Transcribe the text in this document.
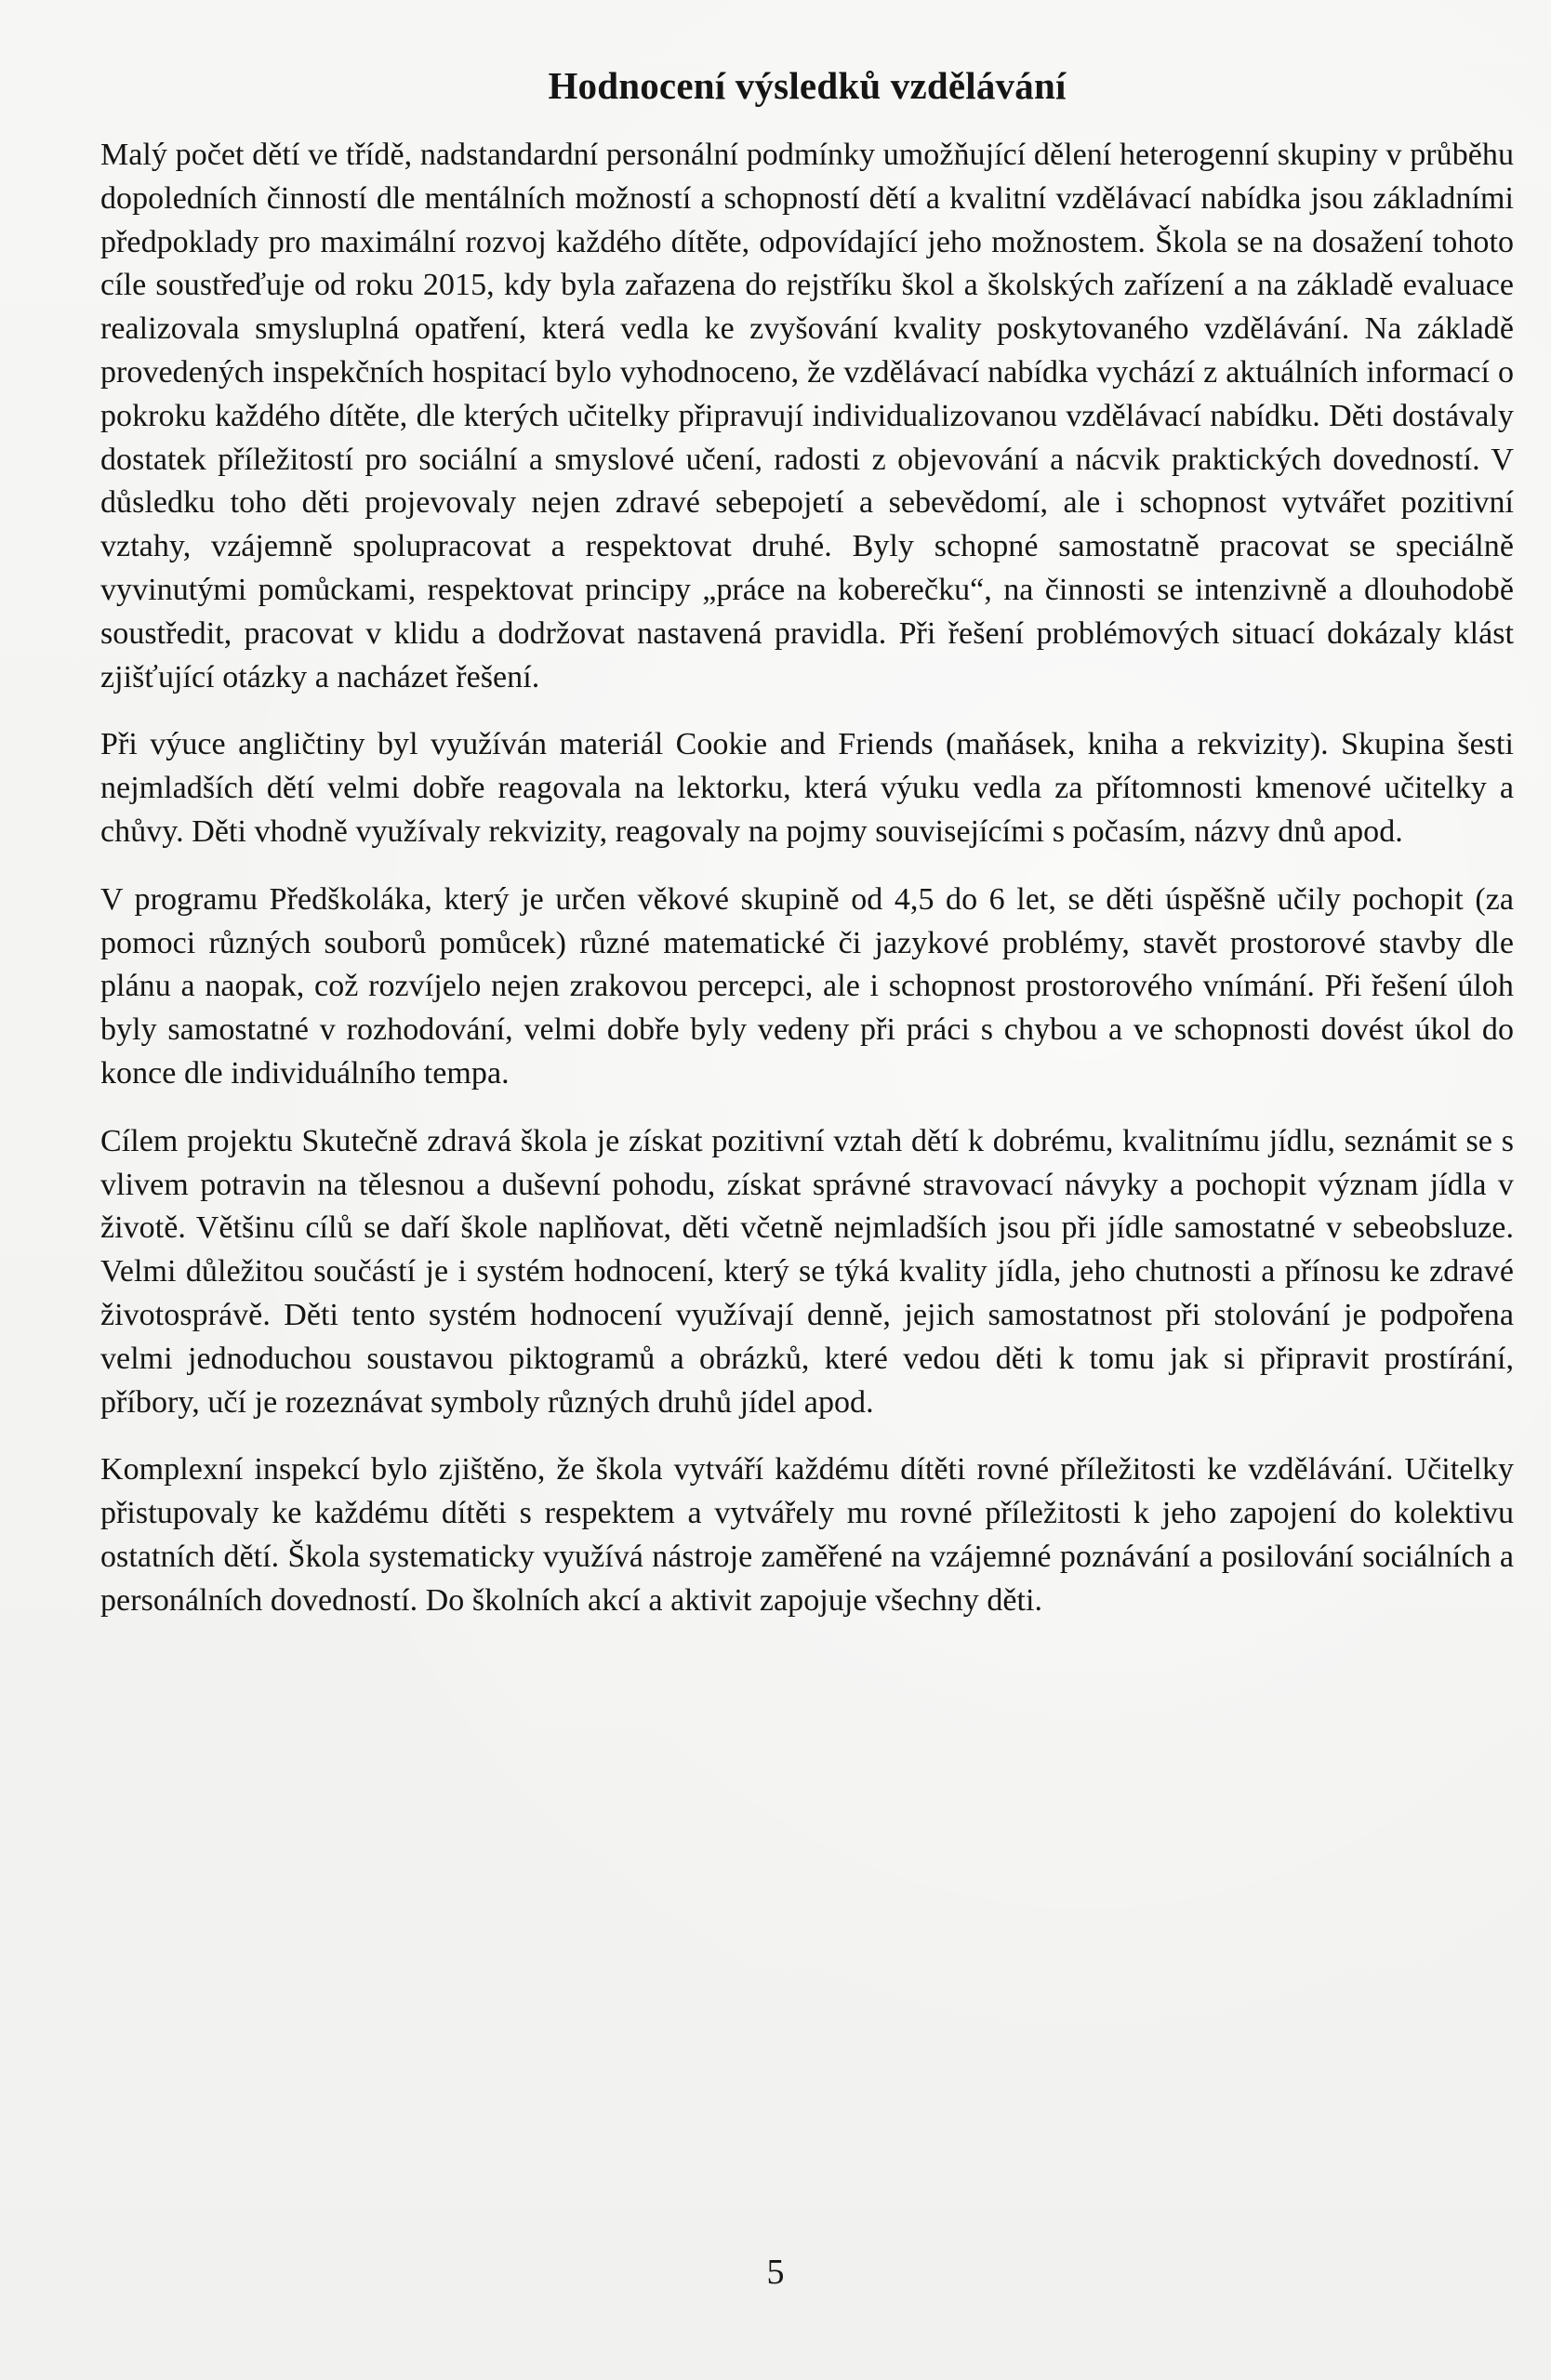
Hodnocení výsledků vzdělávání

Malý počet dětí ve třídě, nadstandardní personální podmínky umožňující dělení heterogenní skupiny v průběhu dopoledních činností dle mentálních možností a schopností dětí a kvalitní vzdělávací nabídka jsou základními předpoklady pro maximální rozvoj každého dítěte, odpovídající jeho možnostem. Škola se na dosažení tohoto cíle soustřeďuje od roku 2015, kdy byla zařazena do rejstříku škol a školských zařízení a na základě evaluace realizovala smysluplná opatření, která vedla ke zvyšování kvality poskytovaného vzdělávání. Na základě provedených inspekčních hospitací bylo vyhodnoceno, že vzdělávací nabídka vychází z aktuálních informací o pokroku každého dítěte, dle kterých učitelky připravují individualizovanou vzdělávací nabídku. Děti dostávaly dostatek příležitostí pro sociální a smyslové učení, radosti z objevování a nácvik praktických dovedností. V důsledku toho děti projevovaly nejen zdravé sebepojetí a sebevědomí, ale i schopnost vytvářet pozitivní vztahy, vzájemně spolupracovat a respektovat druhé. Byly schopné samostatně pracovat se speciálně vyvinutými pomůckami, respektovat principy „práce na koberečku“, na činnosti se intenzivně a dlouhodobě soustředit, pracovat v klidu a dodržovat nastavená pravidla. Při řešení problémových situací dokázaly klást zjišťující otázky a nacházet řešení.

Při výuce angličtiny byl využíván materiál Cookie and Friends (maňásek, kniha a rekvizity). Skupina šesti nejmladších dětí velmi dobře reagovala na lektorku, která výuku vedla za přítomnosti kmenové učitelky a chůvy. Děti vhodně využívaly rekvizity, reagovaly na pojmy souvisejícími s počasím, názvy dnů apod.

V programu Předškoláka, který je určen věkové skupině od 4,5 do 6 let, se děti úspěšně učily pochopit (za pomoci různých souborů pomůcek) různé matematické či jazykové problémy, stavět prostorové stavby dle plánu a naopak, což rozvíjelo nejen zrakovou percepci, ale i schopnost prostorového vnímání. Při řešení úloh byly samostatné v rozhodování, velmi dobře byly vedeny při práci s chybou a ve schopnosti dovést úkol do konce dle individuálního tempa.

Cílem projektu Skutečně zdravá škola je získat pozitivní vztah dětí k dobrému, kvalitnímu jídlu, seznámit se s vlivem potravin na tělesnou a duševní pohodu, získat správné stravovací návyky a pochopit význam jídla v životě. Většinu cílů se daří škole naplňovat, děti včetně nejmladších jsou při jídle samostatné v sebeobsluze. Velmi důležitou součástí je i systém hodnocení, který se týká kvality jídla, jeho chutnosti a přínosu ke zdravé životosprávě. Děti tento systém hodnocení využívají denně, jejich samostatnost při stolování je podpořena velmi jednoduchou soustavou piktogramů a obrázků, které vedou děti k tomu jak si připravit prostírání, příbory, učí je rozeznávat symboly různých druhů jídel apod.

Komplexní inspekcí bylo zjištěno, že škola vytváří každému dítěti rovné příležitosti ke vzdělávání. Učitelky přistupovaly ke každému dítěti s respektem a vytvářely mu rovné příležitosti k jeho zapojení do kolektivu ostatních dětí. Škola systematicky využívá nástroje zaměřené na vzájemné poznávání a posilování sociálních a personálních dovedností. Do školních akcí a aktivit zapojuje všechny děti.

5
